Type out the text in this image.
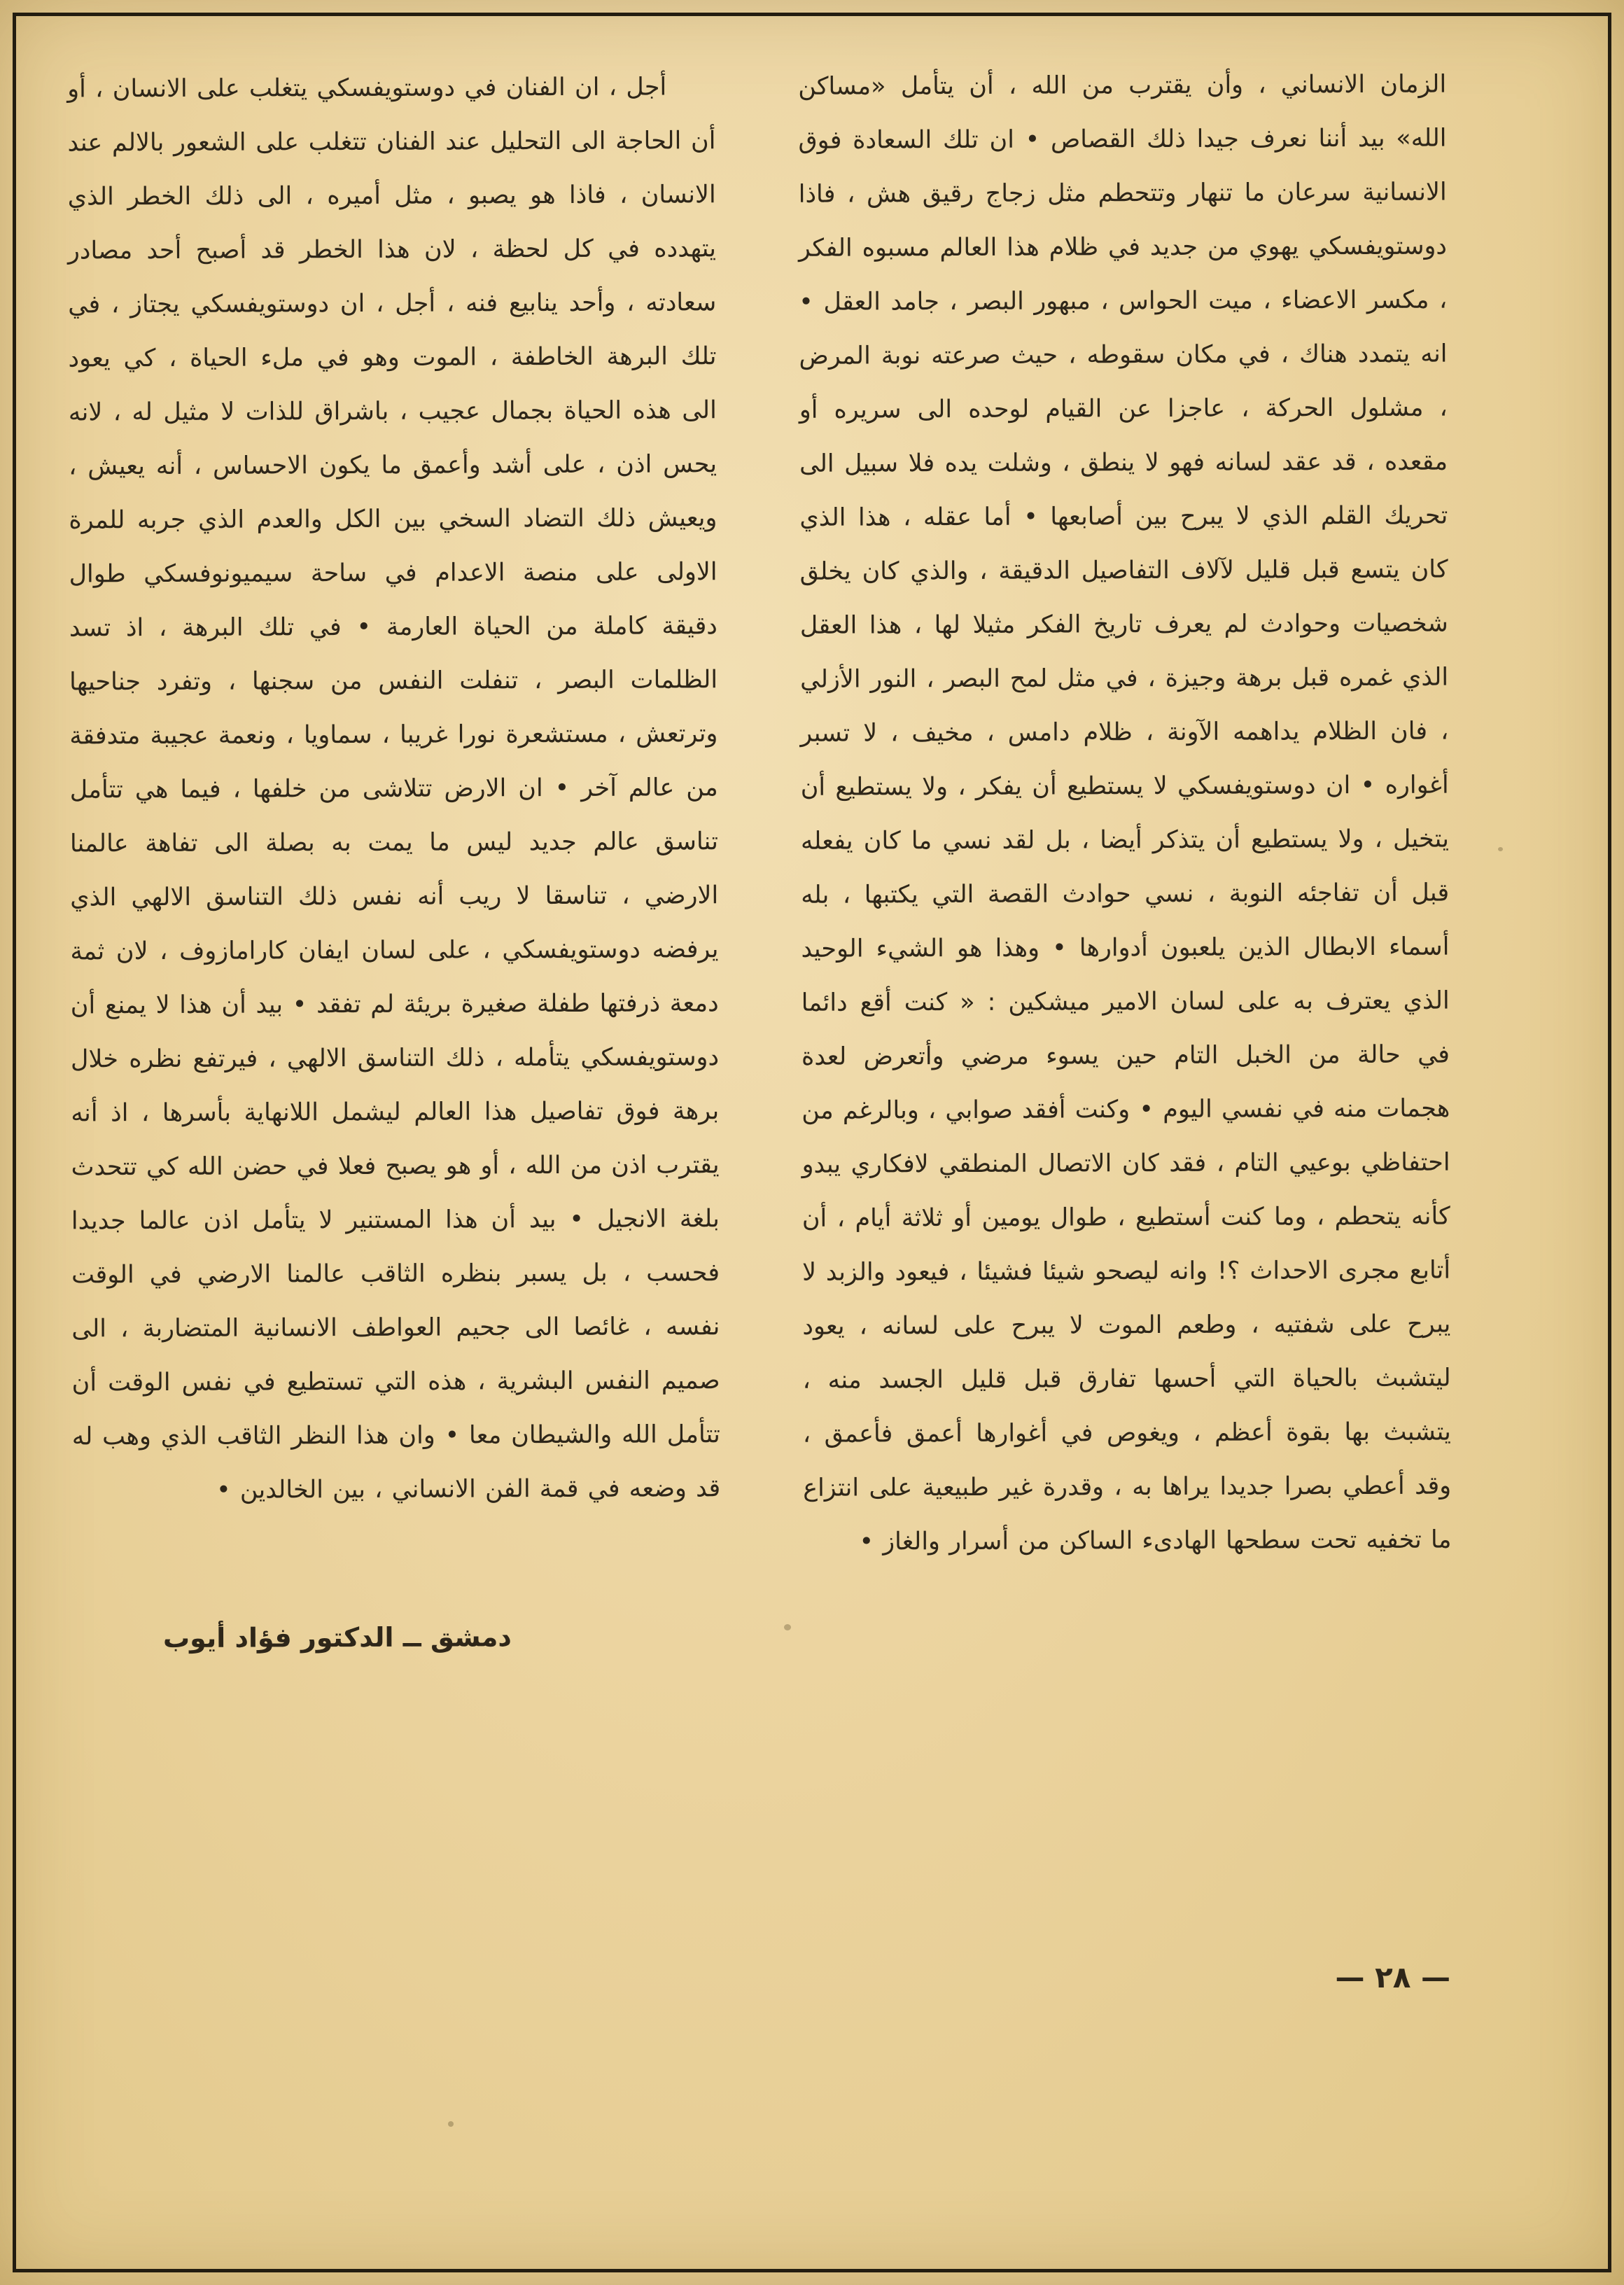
الزمان الانساني ، وأن يقترب من الله ، أن يتأمل «مساكن الله» بيد أننا نعرف جيدا ذلك القصاص • ان تلك السعادة فوق الانسانية سرعان ما تنهار وتتحطم مثل زجاج رقيق هش ، فاذا دوستويفسكي يهوي من جديد في ظلام هذا العالم مسبوه الفكر ، مكسر الاعضاء ، ميت الحواس ، مبهور البصر ، جامد العقل • انه يتمدد هناك ، في مكان سقوطه ، حيث صرعته نوبة المرض ، مشلول الحركة ، عاجزا عن القيام لوحده الى سريره أو مقعده ، قد عقد لسانه فهو لا ينطق ، وشلت يده فلا سبيل الى تحريك القلم الذي لا يبرح بين أصابعها • أما عقله ، هذا الذي كان يتسع قبل قليل لآلاف التفاصيل الدقيقة ، والذي كان يخلق شخصيات وحوادث لم يعرف تاريخ الفكر مثيلا لها ، هذا العقل الذي غمره قبل برهة وجيزة ، في مثل لمح البصر ، النور الأزلي ، فان الظلام يداهمه الآونة ، ظلام دامس ، مخيف ، لا تسبر أغواره • ان دوستويفسكي لا يستطيع أن يفكر ، ولا يستطيع أن يتخيل ، ولا يستطيع أن يتذكر أيضا ، بل لقد نسي ما كان يفعله قبل أن تفاجئه النوبة ، نسي حوادث القصة التي يكتبها ، بله أسماء الابطال الذين يلعبون أدوارها • وهذا هو الشيء الوحيد الذي يعترف به على لسان الامير ميشكين : « كنت أقع دائما في حالة من الخبل التام حين يسوء مرضي وأتعرض لعدة هجمات منه في نفسي اليوم • وكنت أفقد صوابي ، وبالرغم من احتفاظي بوعيي التام ، فقد كان الاتصال المنطقي لافكاري يبدو كأنه يتحطم ، وما كنت أستطيع ، طوال يومين أو ثلاثة أيام ، أن أتابع مجرى الاحداث ؟! وانه ليصحو شيئا فشيئا ، فيعود والزبد لا يبرح على شفتيه ، وطعم الموت لا يبرح على لسانه ، يعود ليتشبث بالحياة التي أحسها تفارق قبل قليل الجسد منه ، يتشبث بها بقوة أعظم ، ويغوص في أغوارها أعمق فأعمق ، وقد أعطي بصرا جديدا يراها به ، وقدرة غير طبيعية على انتزاع ما تخفيه تحت سطحها الهادىء الساكن من أسرار والغاز •

أجل ، ان الفنان في دوستويفسكي يتغلب على الانسان ، أو أن الحاجة الى التحليل عند الفنان تتغلب على الشعور بالالم عند الانسان ، فاذا هو يصبو ، مثل أميره ، الى ذلك الخطر الذي يتهدده في كل لحظة ، لان هذا الخطر قد أصبح أحد مصادر سعادته ، وأحد ينابيع فنه ، أجل ، ان دوستويفسكي يجتاز ، في تلك البرهة الخاطفة ، الموت وهو في ملء الحياة ، كي يعود الى هذه الحياة بجمال عجيب ، باشراق للذات لا مثيل له ، لانه يحس اذن ، على أشد وأعمق ما يكون الاحساس ، أنه يعيش ، ويعيش ذلك التضاد السخي بين الكل والعدم الذي جربه للمرة الاولى على منصة الاعدام في ساحة سيميونوفسكي طوال دقيقة كاملة من الحياة العارمة • في تلك البرهة ، اذ تسد الظلمات البصر ، تنفلت النفس من سجنها ، وتفرد جناحيها وترتعش ، مستشعرة نورا غريبا ، سماويا ، ونعمة عجيبة متدفقة من عالم آخر • ان الارض تتلاشى من خلفها ، فيما هي تتأمل تناسق عالم جديد ليس ما يمت به بصلة الى تفاهة عالمنا الارضي ، تناسقا لا ريب أنه نفس ذلك التناسق الالهي الذي يرفضه دوستويفسكي ، على لسان ايفان كارامازوف ، لان ثمة دمعة ذرفتها طفلة صغيرة بريئة لم تفقد • بيد أن هذا لا يمنع أن دوستويفسكي يتأمله ، ذلك التناسق الالهي ، فيرتفع نظره خلال برهة فوق تفاصيل هذا العالم ليشمل اللانهاية بأسرها ، اذ أنه يقترب اذن من الله ، أو هو يصبح فعلا في حضن الله كي تتحدث بلغة الانجيل • بيد أن هذا المستنير لا يتأمل اذن عالما جديدا فحسب ، بل يسبر بنظره الثاقب عالمنا الارضي في الوقت نفسه ، غائصا الى جحيم العواطف الانسانية المتضاربة ، الى صميم النفس البشرية ، هذه التي تستطيع في نفس الوقت أن تتأمل الله والشيطان معا • وان هذا النظر الثاقب الذي وهب له قد وضعه في قمة الفن الانساني ، بين الخالدين •

دمشق ــ الدكتور فؤاد أيوب
— ٢٨ —
